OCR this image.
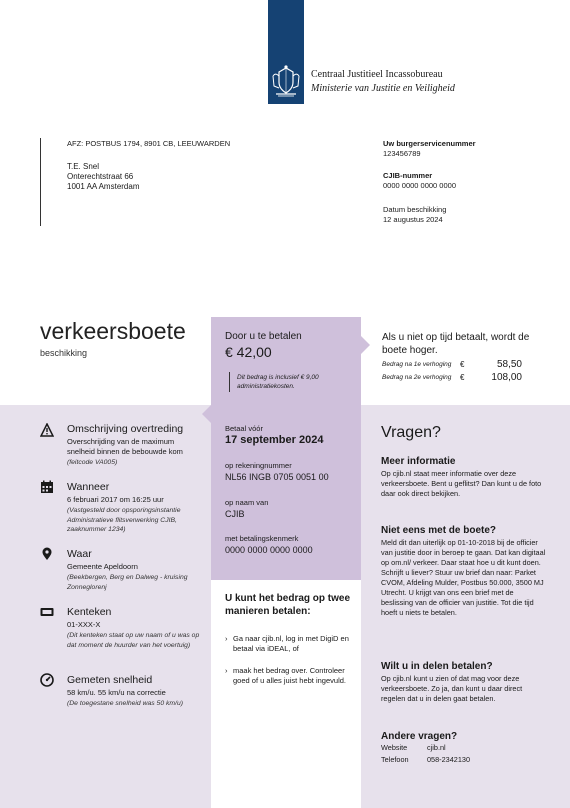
Centraal Justitieel Incassobureau
Ministerie van Justitie en Veiligheid
AFZ: POSTBUS 1794, 8901 CB, LEEUWARDEN
T.E. Snel
Onterechtstraat 66
1001 AA Amsterdam
Uw burgerservicenummer
123456789
CJIB-nummer
0000 0000 0000 0000
Datum beschikking
12 augustus 2024
verkeersboete
beschikking
Door u te betalen
€ 42,00
Dit bedrag is inclusief € 9,00 administratiekosten.
Betaal vóór
17 september 2024
op rekeningnummer
NL56 INGB 0705 0051 00
op naam van
CJIB
met betalingskenmerk
0000 0000 0000 0000
U kunt het bedrag op twee manieren betalen:
› Ga naar cjib.nl, log in met DigiD en betaal via iDEAL, of
› maak het bedrag over. Controleer goed of u alles juist hebt ingevuld.
Als u niet op tijd betaalt, wordt de boete hoger.
Bedrag na 1e verhoging €	58,50
Bedrag na 2e verhoging €	108,00
Omschrijving overtreding
Overschrijding van de maximum snelheid binnen de bebouwde kom
(feitcode VA005)
Wanneer
6 februari 2017 om 16:25 uur
(Vastgesteld door opsporingsinstantie Administratieve flitsverwerking CJIB, zaaknummer 1234)
Waar
Gemeente Apeldoorn
(Beekbergen, Berg en Dalweg - kruising Zonneglorenj
Kenteken
01-XXX-X
(Dit kenteken staat op uw naam of u was op dat moment de huurder van het voertuig)
Gemeten snelheid
58 km/u. 55 km/u na correctie
(De toegestane snelheid was 50 km/u)
Vragen?
Meer informatie
Op cjib.nl staat meer informatie over deze verkeersboete. Bent u geflitst? Dan kunt u de foto daar ook direct bekijken.
Niet eens met de boete?
Meld dit dan uiterlijk op 01-10-2018 bij de officier van justitie door in beroep te gaan. Dat kan digitaal op om.nl/ verkeer. Daar staat hoe u dit kunt doen. Schrijft u liever? Stuur uw brief dan naar: Parket CVOM, Afdeling Mulder, Postbus 50.000, 3500 MJ Utrecht. U krijgt van ons een brief met de beslissing van de officier van justitie. Tot die tijd hoeft u niets te betalen.
Wilt u in delen betalen?
Op cjib.nl kunt u zien of dat mag voor deze verkeersboete. Zo ja, dan kunt u daar direct regelen dat u in delen gaat betalen.
Andere vragen?
Website	cjib.nl
Telefoon	058-2342130
